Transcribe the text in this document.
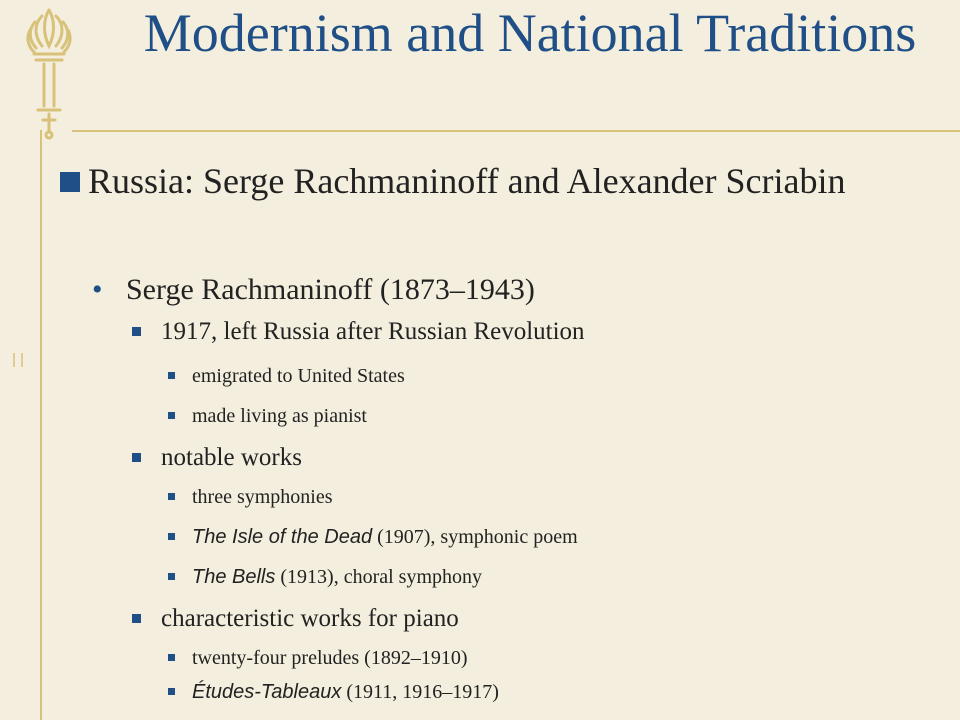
Modernism and National Traditions
Russia: Serge Rachmaninoff and Alexander Scriabin
• Serge Rachmaninoff (1873–1943)
1917, left Russia after Russian Revolution
emigrated to United States
made living as pianist
notable works
three symphonies
The Isle of the Dead (1907), symphonic poem
The Bells (1913), choral symphony
characteristic works for piano
twenty-four preludes (1892–1910)
Études-Tableaux (1911, 1916–1917)
